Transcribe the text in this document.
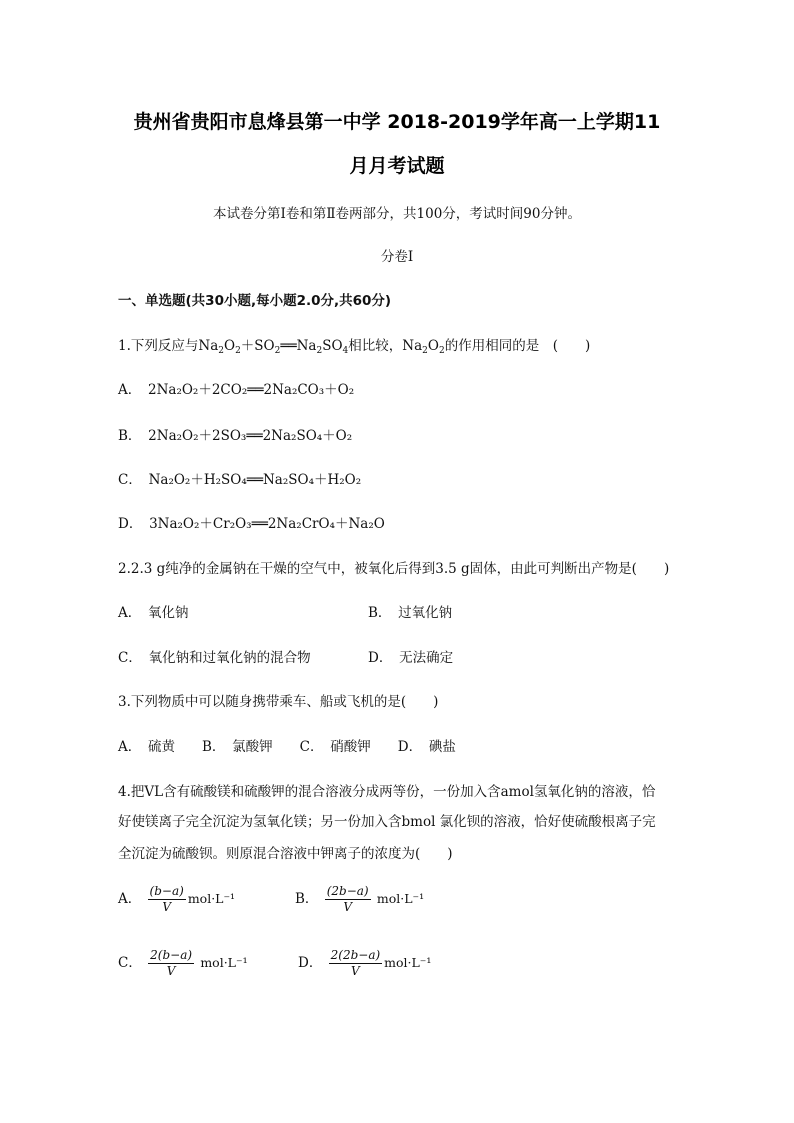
贵州省贵阳市息烽县第一中学 2018-2019学年高一上学期11
月月考试题
本试卷分第Ⅰ卷和第Ⅱ卷两部分，共100分，考试时间90分钟。
分卷I
一、单选题(共30小题,每小题2.0分,共60分)
1.下列反应与$Na_2O_2+SO_2══Na_2SO_4$相比较，$Na_2O_2$的作用相同的是　(　　)
A．　2Na₂O₂＋2CO₂══2Na₂CO₃＋O₂
B．　2Na₂O₂＋2SO₃══2Na₂SO₄＋O₂
C．　Na₂O₂＋H₂SO₄══Na₂SO₄＋H₂O₂
D．　3Na₂O₂＋Cr₂O₃══2Na₂CrO₄＋Na₂O
2.2.3 g纯净的金属钠在干燥的空气中，被氧化后得到3.5 g固体，由此可判断出产物是(　　)
A．　氧化钠	B．　过氧化钠
C．　氧化钠和过氧化钠的混合物	D．　无法确定
3.下列物质中可以随身携带乘车、船或飞机的是(　　)
A．　硫黄　　B．　氯酸钾　　C．　硝酸钾　　D．　碘盐
4.把VL含有硫酸镁和硫酸钾的混合溶液分成两等份，一份加入含amol氢氧化钠的溶液，恰
好使镁离子完全沉淀为氢氧化镁；另一份加入含bmol 氯化钡的溶液，恰好使硫酸根离子完
全沉淀为硫酸钡。则原混合溶液中钾离子的浓度为(　　)
A． $\frac{(b-a)}{V} mol\cdot L^{-1}$	B． $\frac{(2b-a)}{V} mol\cdot L^{-1}$
C． $\frac{2(b-a)}{V} mol\cdot L^{-1}$	D． $\frac{2(2b-a)}{V} mol\cdot L^{-1}$
